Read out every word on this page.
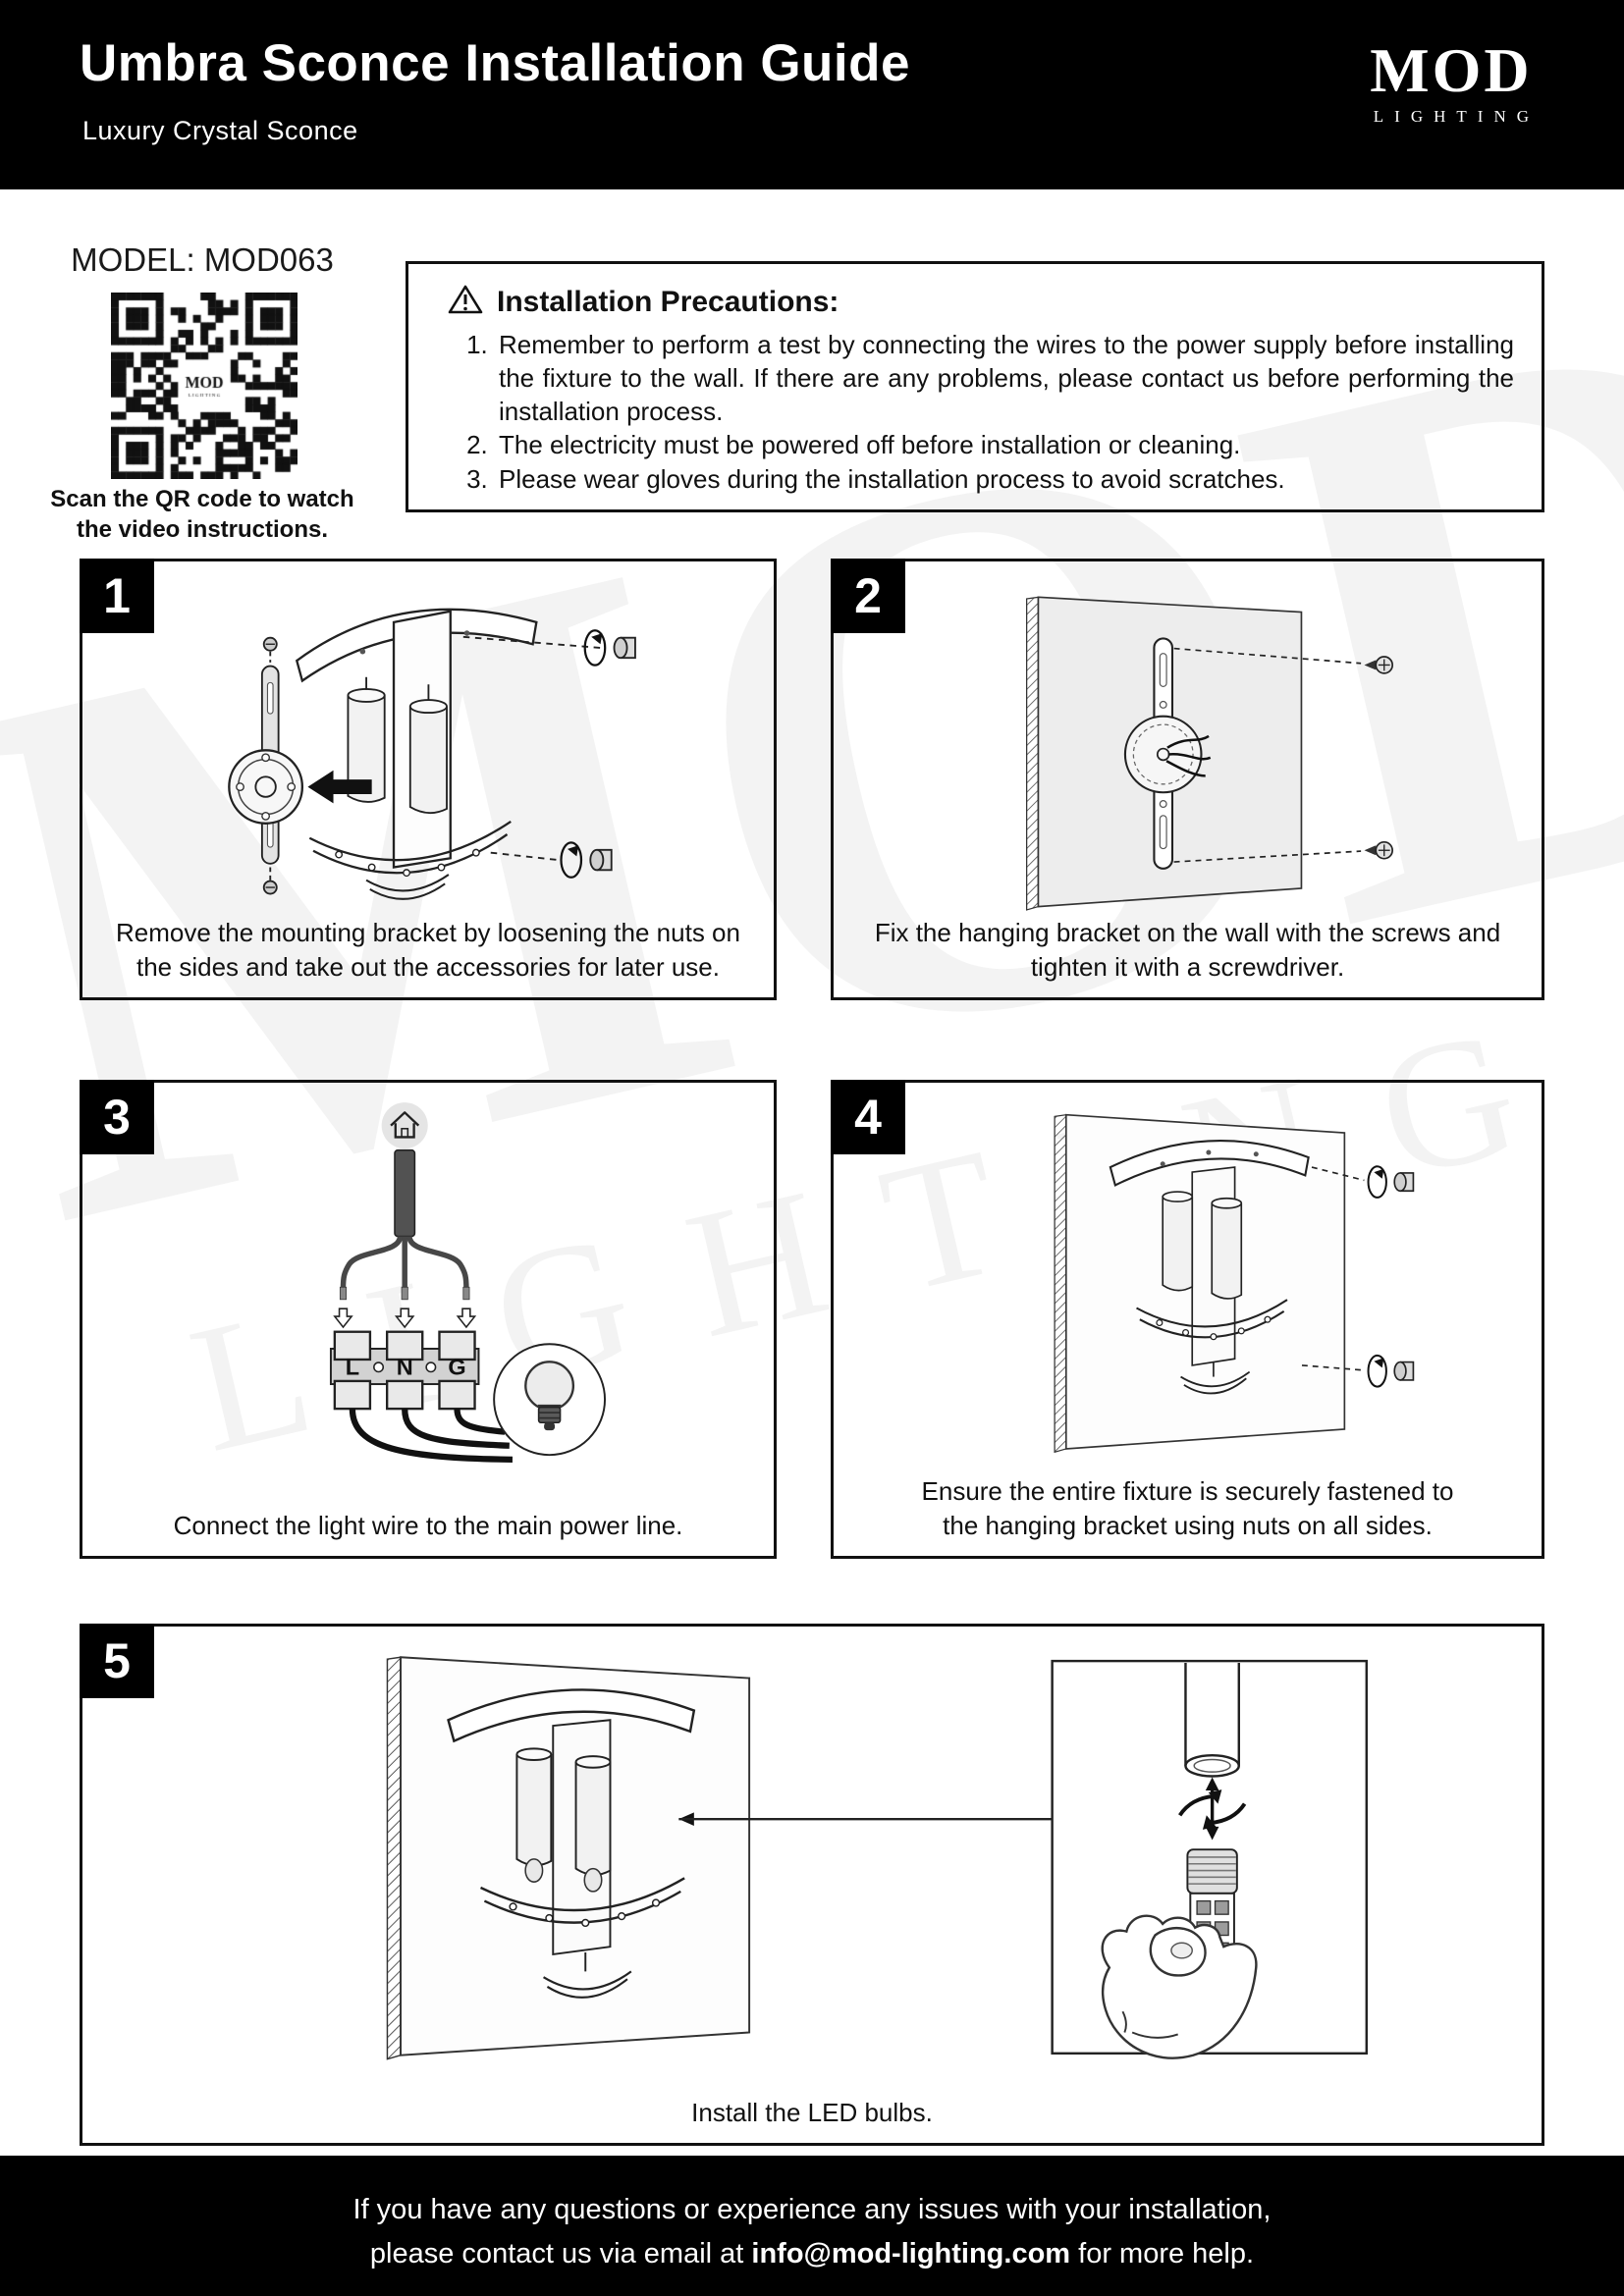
Umbra Sconce Installation Guide
Luxury Crystal Sconce
MOD
LIGHTING
MODEL: MOD063
Scan the QR code to watch
the video instructions.
Installation Precautions:
1. Remember to perform a test by connecting the wires to the power supply before installing the fixture to the wall. If there are any problems, please contact us before performing the installation process.
2. The electricity must be powered off before installation or cleaning.
3. Please wear gloves during the installation process to avoid scratches.
1
Remove the mounting bracket by loosening the nuts on
the sides and take out the accessories for later use.
2
Fix the hanging bracket on the wall with the screws and
tighten it with a screwdriver.
3
L N G
Connect the light wire to the main power line.
4
Ensure the entire fixture is securely fastened to
the hanging bracket using nuts on all sides.
5
Install the LED bulbs.
If you have any questions or experience any issues with your installation,
please contact us via email at info@mod-lighting.com for more help.
